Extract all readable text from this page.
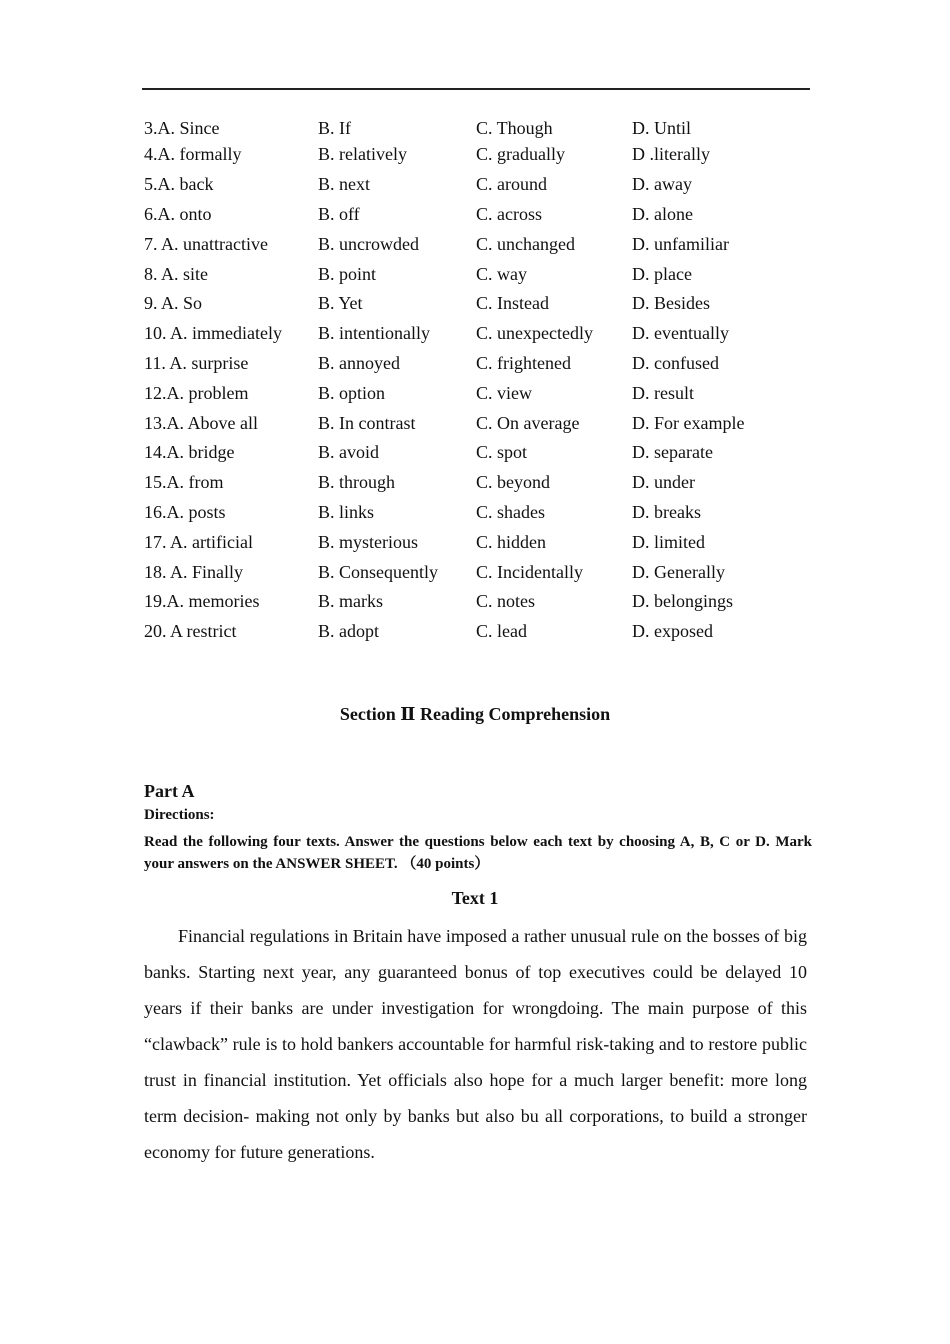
3.A. Since	B. If	C. Though	D. Until
4.A. formally	B. relatively	C. gradually	D .literally
5.A. back	B. next	C. around	D. away
6.A. onto	B. off	C. across	D. alone
7. A. unattractive	B. uncrowded	C. unchanged	D. unfamiliar
8. A. site	B. point	C. way	D. place
9. A. So	B. Yet	C. Instead	D. Besides
10. A. immediately	B. intentionally	C. unexpectedly	D. eventually
11. A. surprise	B. annoyed	C. frightened	D. confused
12.A. problem	B. option	C. view	D. result
13.A. Above all	B. In contrast	C. On average	D. For example
14.A. bridge	B. avoid	C. spot	D. separate
15.A. from	B. through	C. beyond	D. under
16.A. posts	B. links	C. shades	D. breaks
17. A. artificial	B. mysterious	C. hidden	D. limited
18. A. Finally	B. Consequently	C. Incidentally	D. Generally
19.A. memories	B. marks	C. notes	D. belongings
20. A restrict	B. adopt	C. lead	D. exposed
Section Ⅱ Reading Comprehension
Part A
Directions:
Read the following four texts. Answer the questions below each text by choosing A, B, C or D. Mark your answers on the ANSWER SHEET. （40 points）
Text 1

Financial regulations in Britain have imposed a rather unusual rule on the bosses of big banks. Starting next year, any guaranteed bonus of top executives could be delayed 10 years if their banks are under investigation for wrongdoing. The main purpose of this “clawback” rule is to hold bankers accountable for harmful risk-taking and to restore public trust in financial institution. Yet officials also hope for a much larger benefit: more long term decision- making not only by banks but also bu all corporations, to build a stronger economy for future generations.
